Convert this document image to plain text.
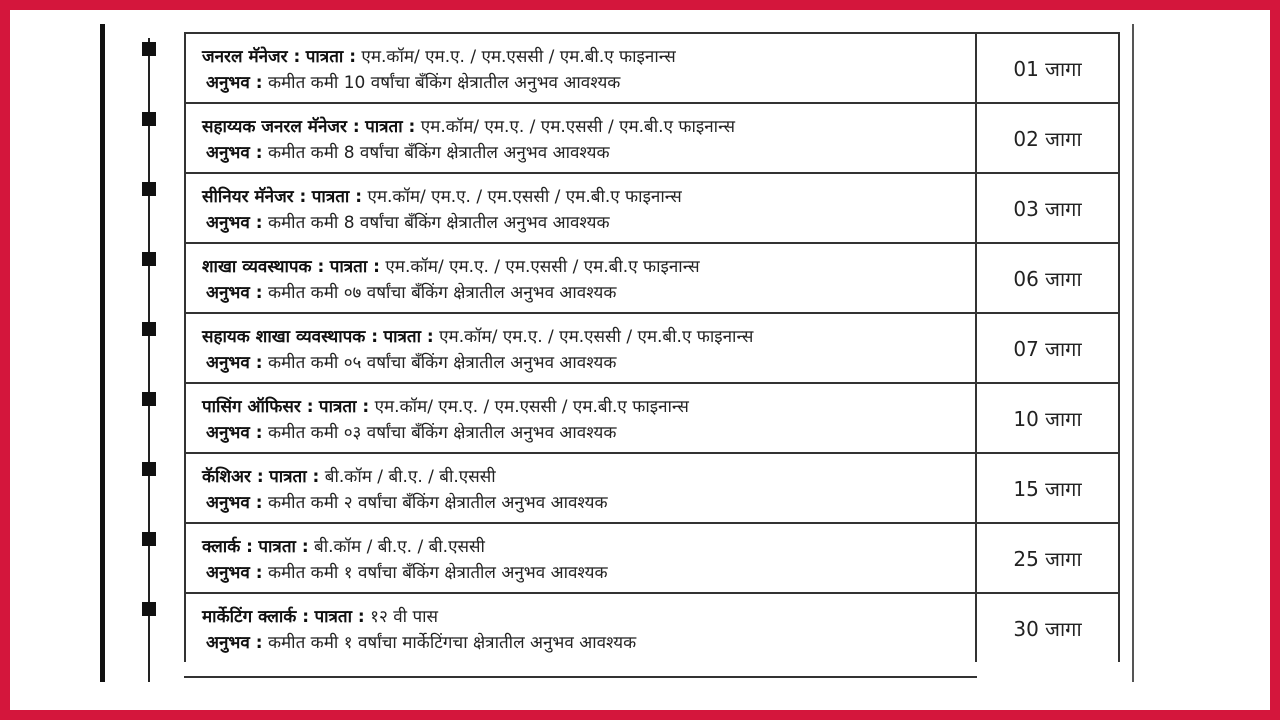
जनरल मॅनेजर : पात्रता : एम.कॉम/ एम.ए. / एम.एससी / एम.बी.ए फाइनान्स
अनुभव : कमीत कमी 10 वर्षांचा बॅंकिंग क्षेत्रातील अनुभव आवश्यक
01 जागा
सहाय्यक जनरल मॅनेजर : पात्रता : एम.कॉम/ एम.ए. / एम.एससी / एम.बी.ए फाइनान्स
अनुभव : कमीत कमी 8 वर्षांचा बॅंकिंग क्षेत्रातील अनुभव आवश्यक
02 जागा
सीनियर मॅनेजर : पात्रता : एम.कॉम/ एम.ए. / एम.एससी / एम.बी.ए फाइनान्स
अनुभव : कमीत कमी 8 वर्षांचा बॅंकिंग क्षेत्रातील अनुभव आवश्यक
03 जागा
शाखा व्यवस्थापक : पात्रता : एम.कॉम/ एम.ए. / एम.एससी / एम.बी.ए फाइनान्स
अनुभव : कमीत कमी ०७ वर्षांचा बॅंकिंग क्षेत्रातील अनुभव आवश्यक
06 जागा
सहायक शाखा व्यवस्थापक : पात्रता : एम.कॉम/ एम.ए. / एम.एससी / एम.बी.ए फाइनान्स
अनुभव : कमीत कमी ०५ वर्षांचा बॅंकिंग क्षेत्रातील अनुभव आवश्यक
07 जागा
पासिंग ऑफिसर : पात्रता : एम.कॉम/ एम.ए. / एम.एससी / एम.बी.ए फाइनान्स
अनुभव : कमीत कमी ०३ वर्षांचा बॅंकिंग क्षेत्रातील अनुभव आवश्यक
10 जागा
कॅशिअर : पात्रता : बी.कॉम / बी.ए. / बी.एससी
अनुभव : कमीत कमी २ वर्षांचा बॅंकिंग क्षेत्रातील अनुभव आवश्यक
15 जागा
क्लार्क : पात्रता : बी.कॉम / बी.ए. / बी.एससी
अनुभव : कमीत कमी १ वर्षांचा बॅंकिंग क्षेत्रातील अनुभव आवश्यक
25 जागा
मार्केटिंग क्लार्क : पात्रता : १२ वी पास
अनुभव : कमीत कमी १ वर्षांचा मार्केटिंगचा क्षेत्रातील अनुभव आवश्यक
30 जागा
